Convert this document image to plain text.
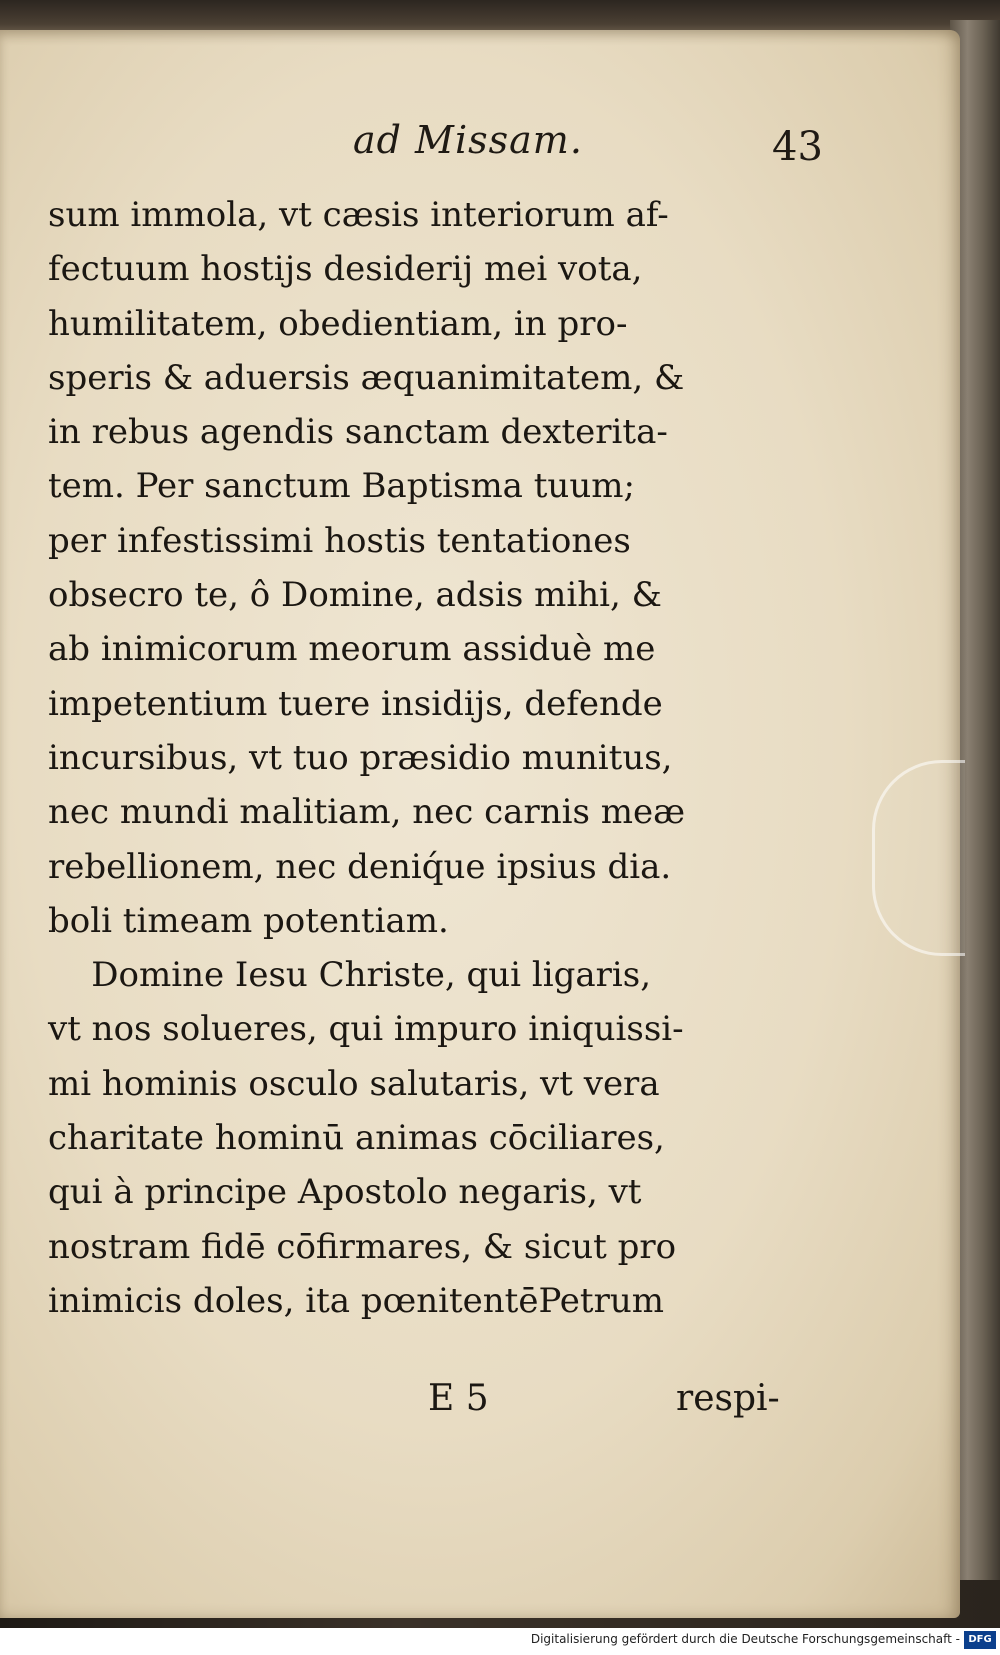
ad Missam.	43
sum immola, vt cæsis interiorum af-
fectuum hostijs desiderij mei vota,
humilitatem, obedientiam, in pro-
speris & aduersis æquanimitatem, &
in rebus agendis sanctam dexterita-
tem. Per sanctum Baptisma tuum;
per infestissimi hostis tentationes
obsecro te, ô Domine, adsis mihi, &
ab inimicorum meorum assiduè me
impetentium tuere insidijs, defende
incursibus, vt tuo præsidio munitus,
nec mundi malitiam, nec carnis meæ
rebellionem, nec deniq́ue ipsius dia.
boli timeam potentiam.
Domine Iesu Christe, qui ligaris,
vt nos solueres, qui impuro iniquissi-
mi hominis osculo salutaris, vt vera
charitate hominū animas cōciliares,
qui à principe Apostolo negaris, vt
nostram fidē cōfirmares, & sicut pro
inimicis doles, ita pœnitentēPetrum
E 5	respi-
Digitalisierung gefördert durch die Deutsche Forschungsgemeinschaft - DFG
